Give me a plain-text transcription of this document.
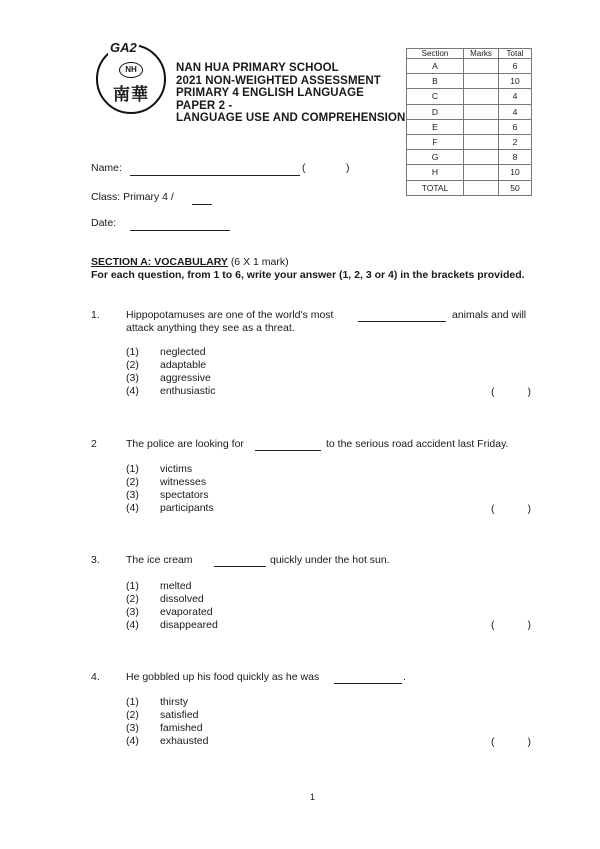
GA2
NH
南華
NAN HUA PRIMARY SCHOOL
2021 NON-WEIGHTED ASSESSMENT
PRIMARY 4 ENGLISH LANGUAGE
PAPER 2 -
LANGUAGE USE AND COMPREHENSION
Section	Marks	Total
A		6
B		10
C		4
D		4
E		6
F		2
G		8
H		10
TOTAL		50
Name:	(	)
Class: Primary 4 /
Date:
SECTION A: VOCABULARY (6 X 1 mark)
For each question, from 1 to 6, write your answer (1, 2, 3 or 4) in the brackets provided.
1. Hippopotamuses are one of the world's most	animals and will
attack anything they see as a threat.
(1) neglected
(2) adaptable
(3) aggressive
(4) enthusiastic	(	)
2	The police are looking for	to the serious road accident last Friday.
(1) victims
(2) witnesses
(3) spectators
(4) participants	(	)
3. The ice cream	quickly under the hot sun.
(1) melted
(2) dissolved
(3) evaporated
(4) disappeared	(	)
4. He gobbled up his food quickly as he was	.
(1) thirsty
(2) satisfied
(3) famished
(4) exhausted	(	)
1
